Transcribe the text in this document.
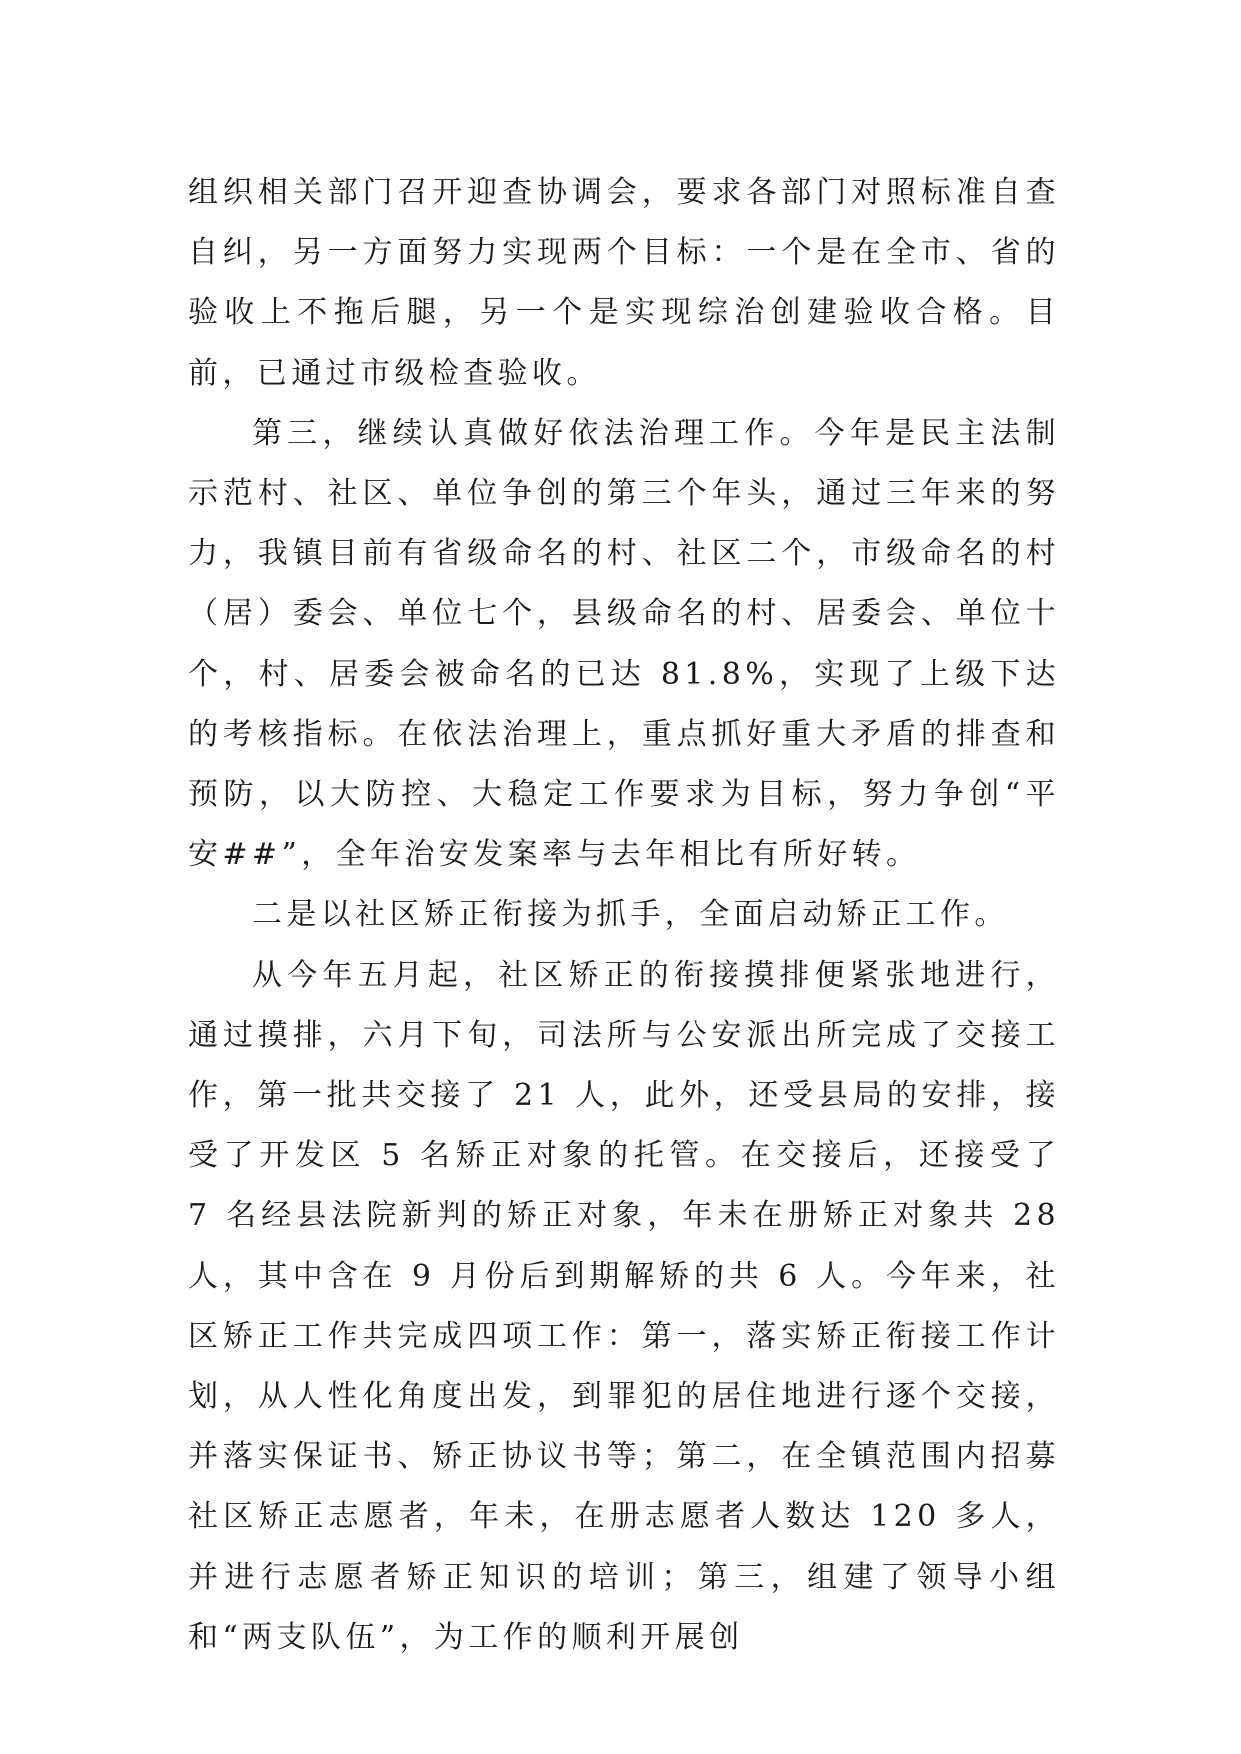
组织相关部门召开迎查协调会，要求各部门对照标准自查自纠，另一方面努力实现两个目标：一个是在全市、省的验收上不拖后腿，另一个是实现综治创建验收合格。目前，已通过市级检查验收。

第三，继续认真做好依法治理工作。今年是民主法制示范村、社区、单位争创的第三个年头，通过三年来的努力，我镇目前有省级命名的村、社区二个，市级命名的村（居）委会、单位七个，县级命名的村、居委会、单位十个，村、居委会被命名的已达 81.8%，实现了上级下达的考核指标。在依法治理上，重点抓好重大矛盾的排查和预防，以大防控、大稳定工作要求为目标，努力争创“平安##”，全年治安发案率与去年相比有所好转。

二是以社区矫正衔接为抓手，全面启动矫正工作。

从今年五月起，社区矫正的衔接摸排便紧张地进行，通过摸排，六月下旬，司法所与公安派出所完成了交接工作，第一批共交接了 21 人，此外，还受县局的安排，接受了开发区 5 名矫正对象的托管。在交接后，还接受了 7 名经县法院新判的矫正对象，年未在册矫正对象共 28 人，其中含在 9 月份后到期解矫的共 6 人。今年来，社区矫正工作共完成四项工作：第一，落实矫正衔接工作计划，从人性化角度出发，到罪犯的居住地进行逐个交接，并落实保证书、矫正协议书等；第二，在全镇范围内招募社区矫正志愿者，年未，在册志愿者人数达 120 多人，并进行志愿者矫正知识的培训；第三，组建了领导小组和“两支队伍”，为工作的顺利开展创
